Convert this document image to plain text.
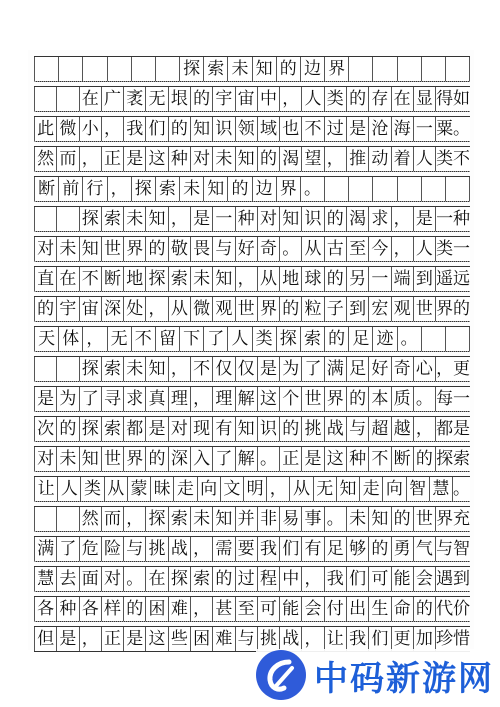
探 索 未 知 的 边 界
在 广 袤 无 垠 的 宇 宙 中 ， 人 类 的 存 在 显 得如
此 微 小 ， 我 们 的 知 识 领 域 也 不 过 是 沧 海 一 粟。
然 而 ， 正 是 这 种 对 未 知 的 渴 望 ， 推 动 着 人 类不
断 前 行 ， 探 索 未 知 的 边 界 。
探 索 未 知 ， 是 一 种 对 知 识 的 渴 求 ， 是 一种
对 未 知 世 界 的 敬 畏 与 好 奇 。 从 古 至 今 ， 人 类一
直 在 不 断 地 探 索 未 知 ， 从 地 球 的 另 一 端 到 遥远
的 宇 宙 深 处 ， 从 微 观 世 界 的 粒 子 到 宏 观 世 界的
天 体 ， 无 不 留 下 了 人 类 探 索 的 足 迹 。
探 索 未 知 ， 不 仅 仅 是 为 了 满 足 好 奇 心 ，更
是 为 了 寻 求 真 理 ， 理 解 这 个 世 界 的 本 质 。 每一
次 的 探 索 都 是 对 现 有 知 识 的 挑 战 与 超 越 ， 都是
对 未 知 世 界 的 深 入 了 解 。 正 是 这 种 不 断 的 探索
让 人 类 从 蒙 昧 走 向 文 明 ， 从 无 知 走 向 智 慧 。
然 而 ， 探 索 未 知 并 非 易 事 。 未 知 的 世 界充
满 了 危 险 与 挑 战 ， 需 要 我 们 有 足 够 的 勇 气 与智
慧 去 面 对 。 在 探 索 的 过 程 中 ， 我 们 可 能 会 遇到
各 种 各 样 的 困 难 ， 甚 至 可 能 会 付 出 生 命 的 代价
但 是 ， 正 是 这 些 困 难 与 挑 战 ， 让 我 们 更 加 珍惜
中码新游网
